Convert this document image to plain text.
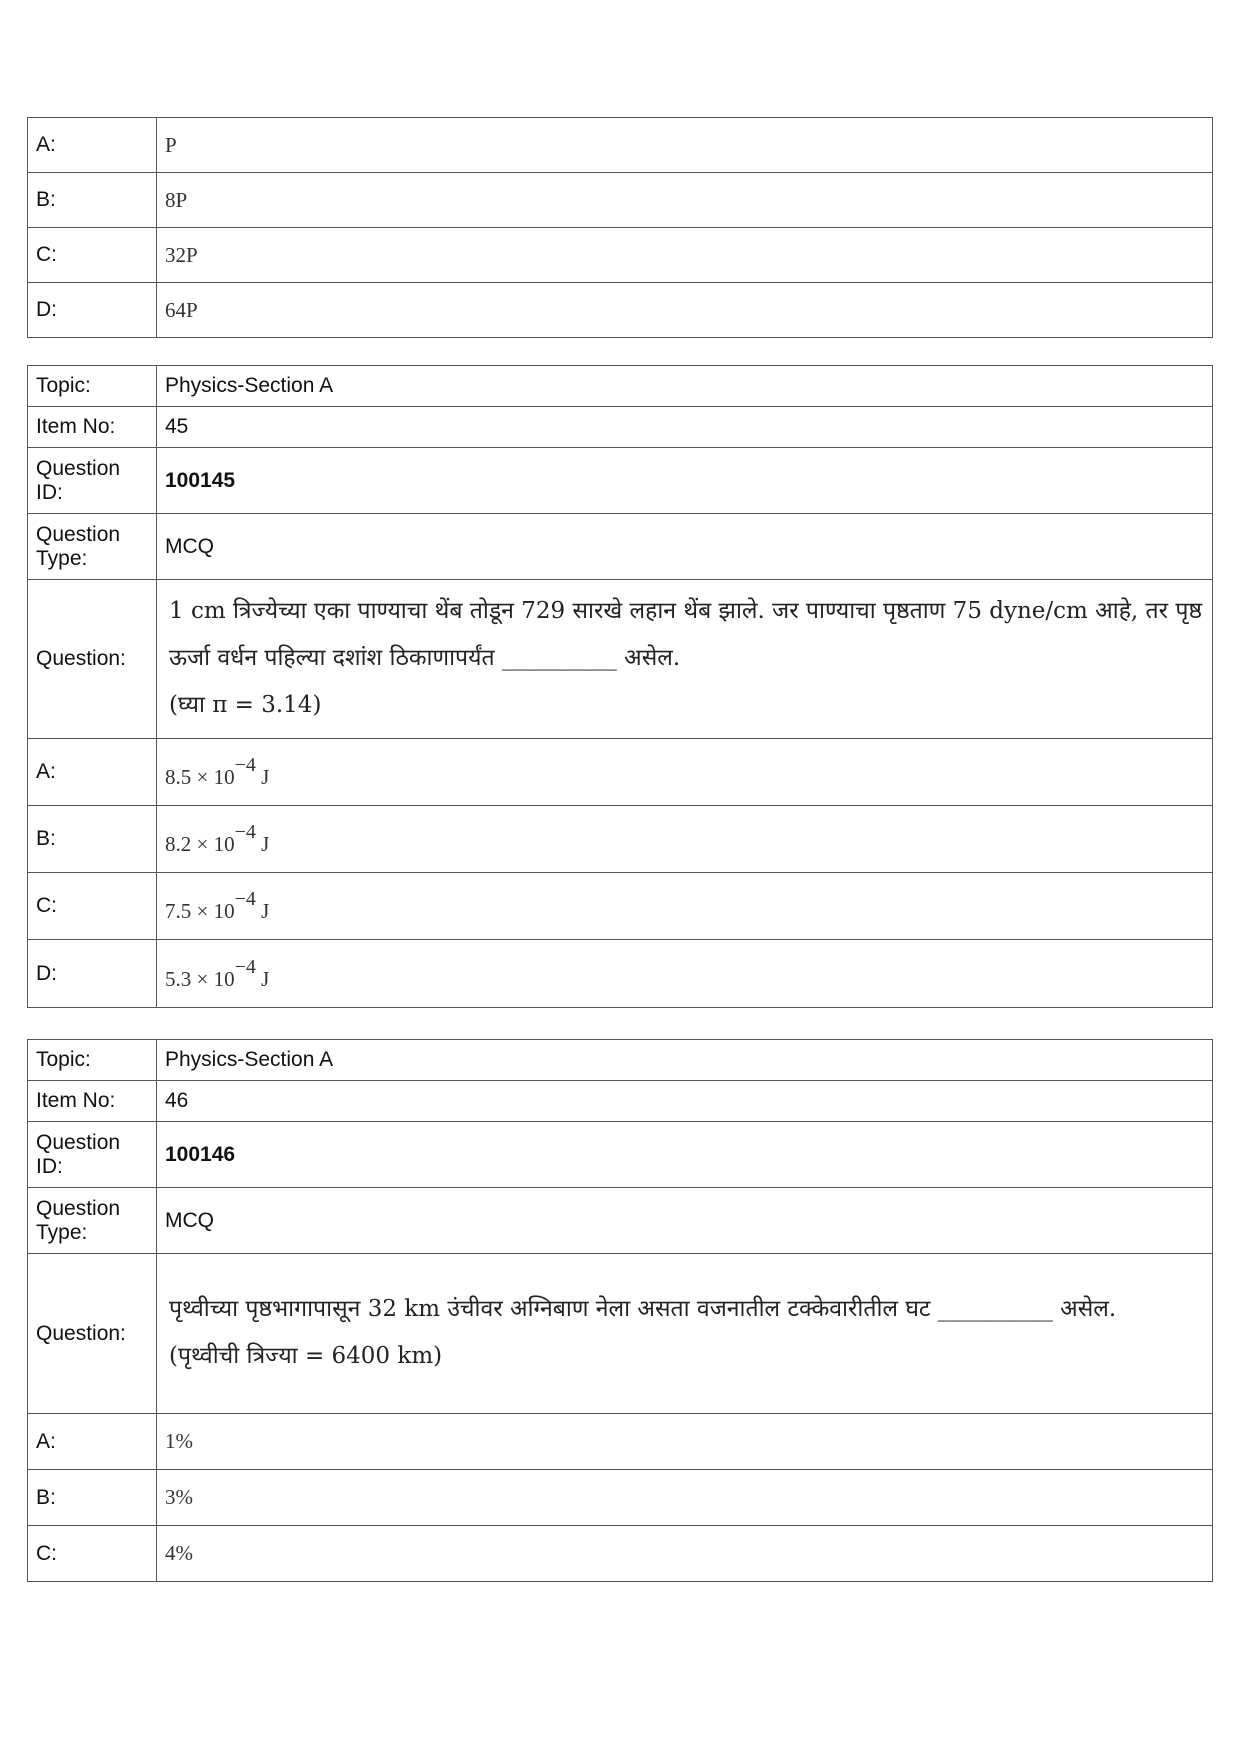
A:	P
B:	8P
C:	32P
D:	64P
Topic:	Physics-Section A
Item No:	45
Question ID:	100145
Question Type:	MCQ
Question:	1 cm त्रिज्येच्या एका पाण्याचा थेंब तोडून 729 सारखे लहान थेंब झाले. जर पाण्याचा पृष्ठताण 75 dyne/cm आहे, तर पृष्ठ ऊर्जा वर्धन पहिल्या दशांश ठिकाणापर्यंत __________ असेल.
(घ्या π = 3.14)

A:	8.5 × 10−4 J
B:	8.2 × 10−4 J
C:	7.5 × 10−4 J
D:	5.3 × 10−4 J
Topic:	Physics-Section A
Item No:	46
Question ID:	100146
Question Type:	MCQ
Question:	पृथ्वीच्या पृष्ठभागापासून 32 km उंचीवर अग्निबाण नेला असता वजनातील टक्केवारीतील घट __________ असेल.
(पृथ्वीची त्रिज्या = 6400 km)

A:	1%
B:	3%
C:	4%
